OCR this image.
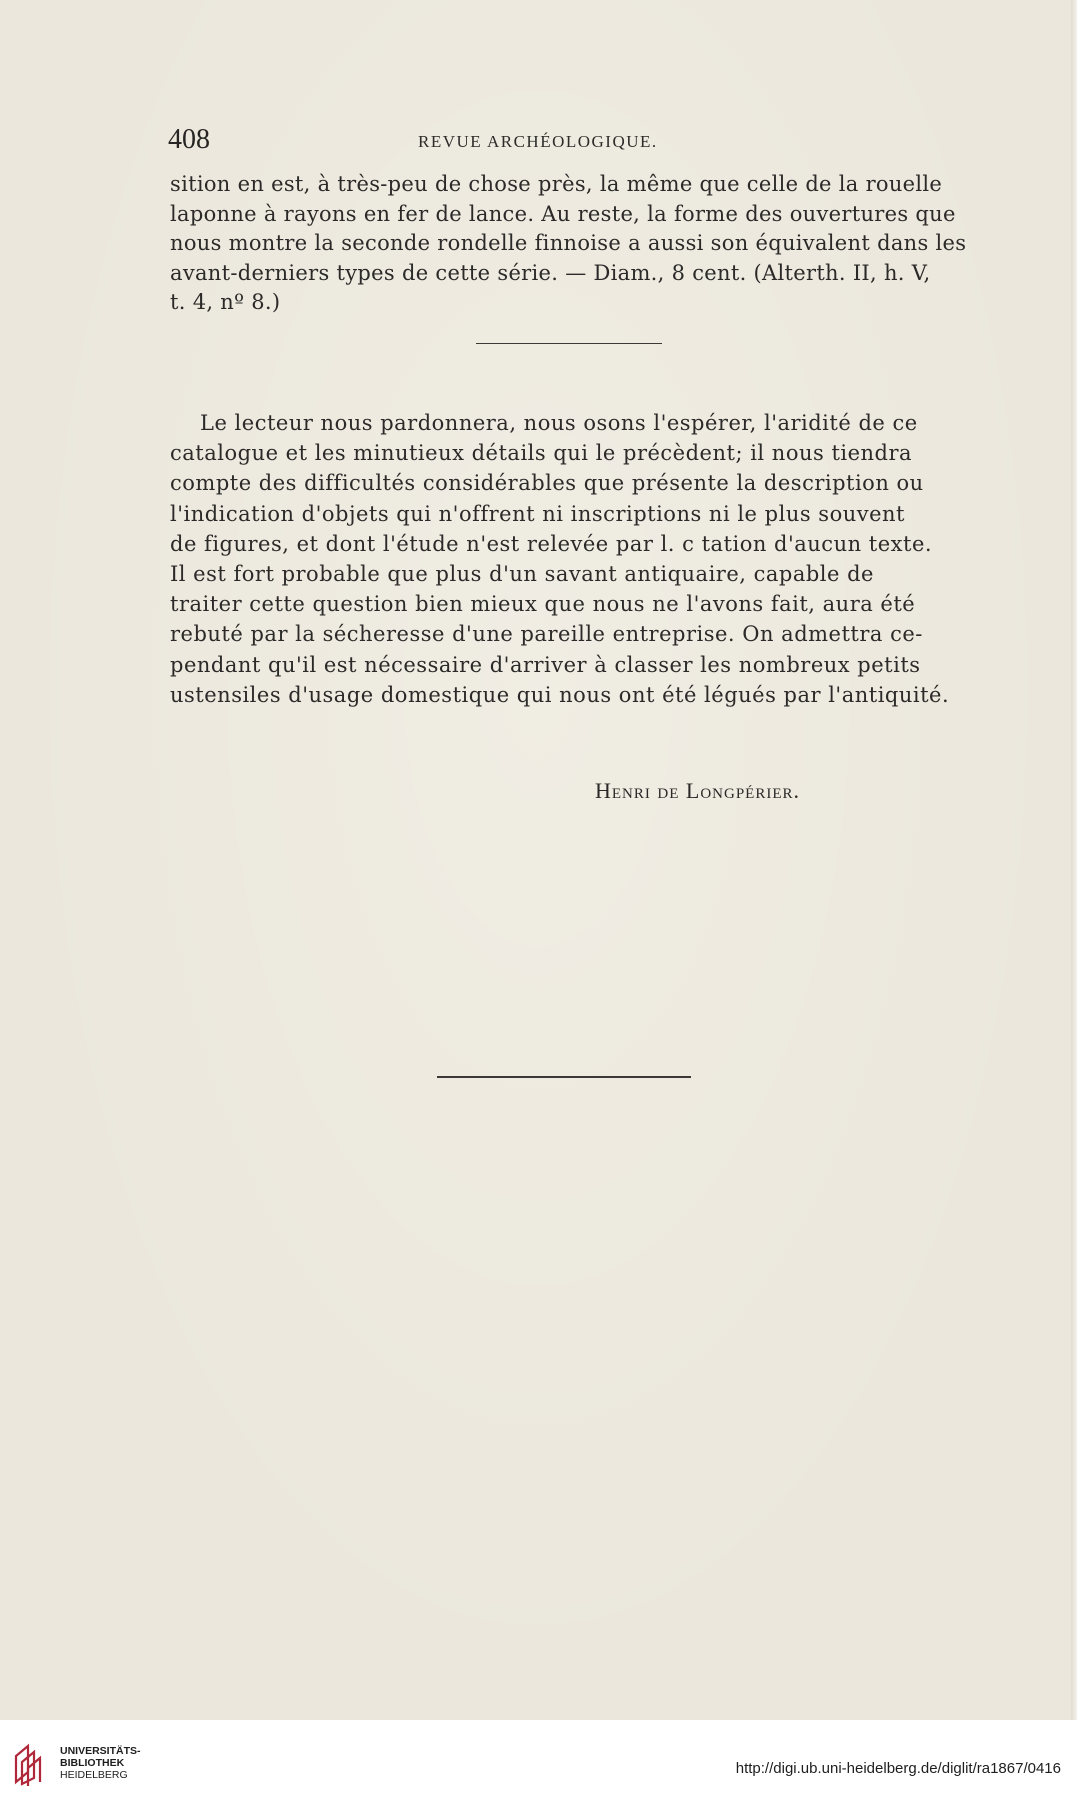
408	REVUE ARCHÉOLOGIQUE.
sition en est, à très-peu de chose près, la même que celle de la rouelle
laponne à rayons en fer de lance. Au reste, la forme des ouvertures que
nous montre la seconde rondelle finnoise a aussi son équivalent dans les
avant-derniers types de cette série. — Diam., 8 cent. (Alterth. II, h. V,
t. 4, nº 8.)
Le lecteur nous pardonnera, nous osons l'espérer, l'aridité de ce
catalogue et les minutieux détails qui le précèdent; il nous tiendra
compte des difficultés considérables que présente la description ou
l'indication d'objets qui n'offrent ni inscriptions ni le plus souvent
de figures, et dont l'étude n'est relevée par l. c tation d'aucun texte.
Il est fort probable que plus d'un savant antiquaire, capable de
traiter cette question bien mieux que nous ne l'avons fait, aura été
rebuté par la sécheresse d'une pareille entreprise. On admettra ce-
pendant qu'il est nécessaire d'arriver à classer les nombreux petits
ustensiles d'usage domestique qui nous ont été légués par l'antiquité.
Henri de Longpérier.
UNIVERSITÄTS-
BIBLIOTHEK
HEIDELBERG	http://digi.ub.uni-heidelberg.de/diglit/ra1867/0416
